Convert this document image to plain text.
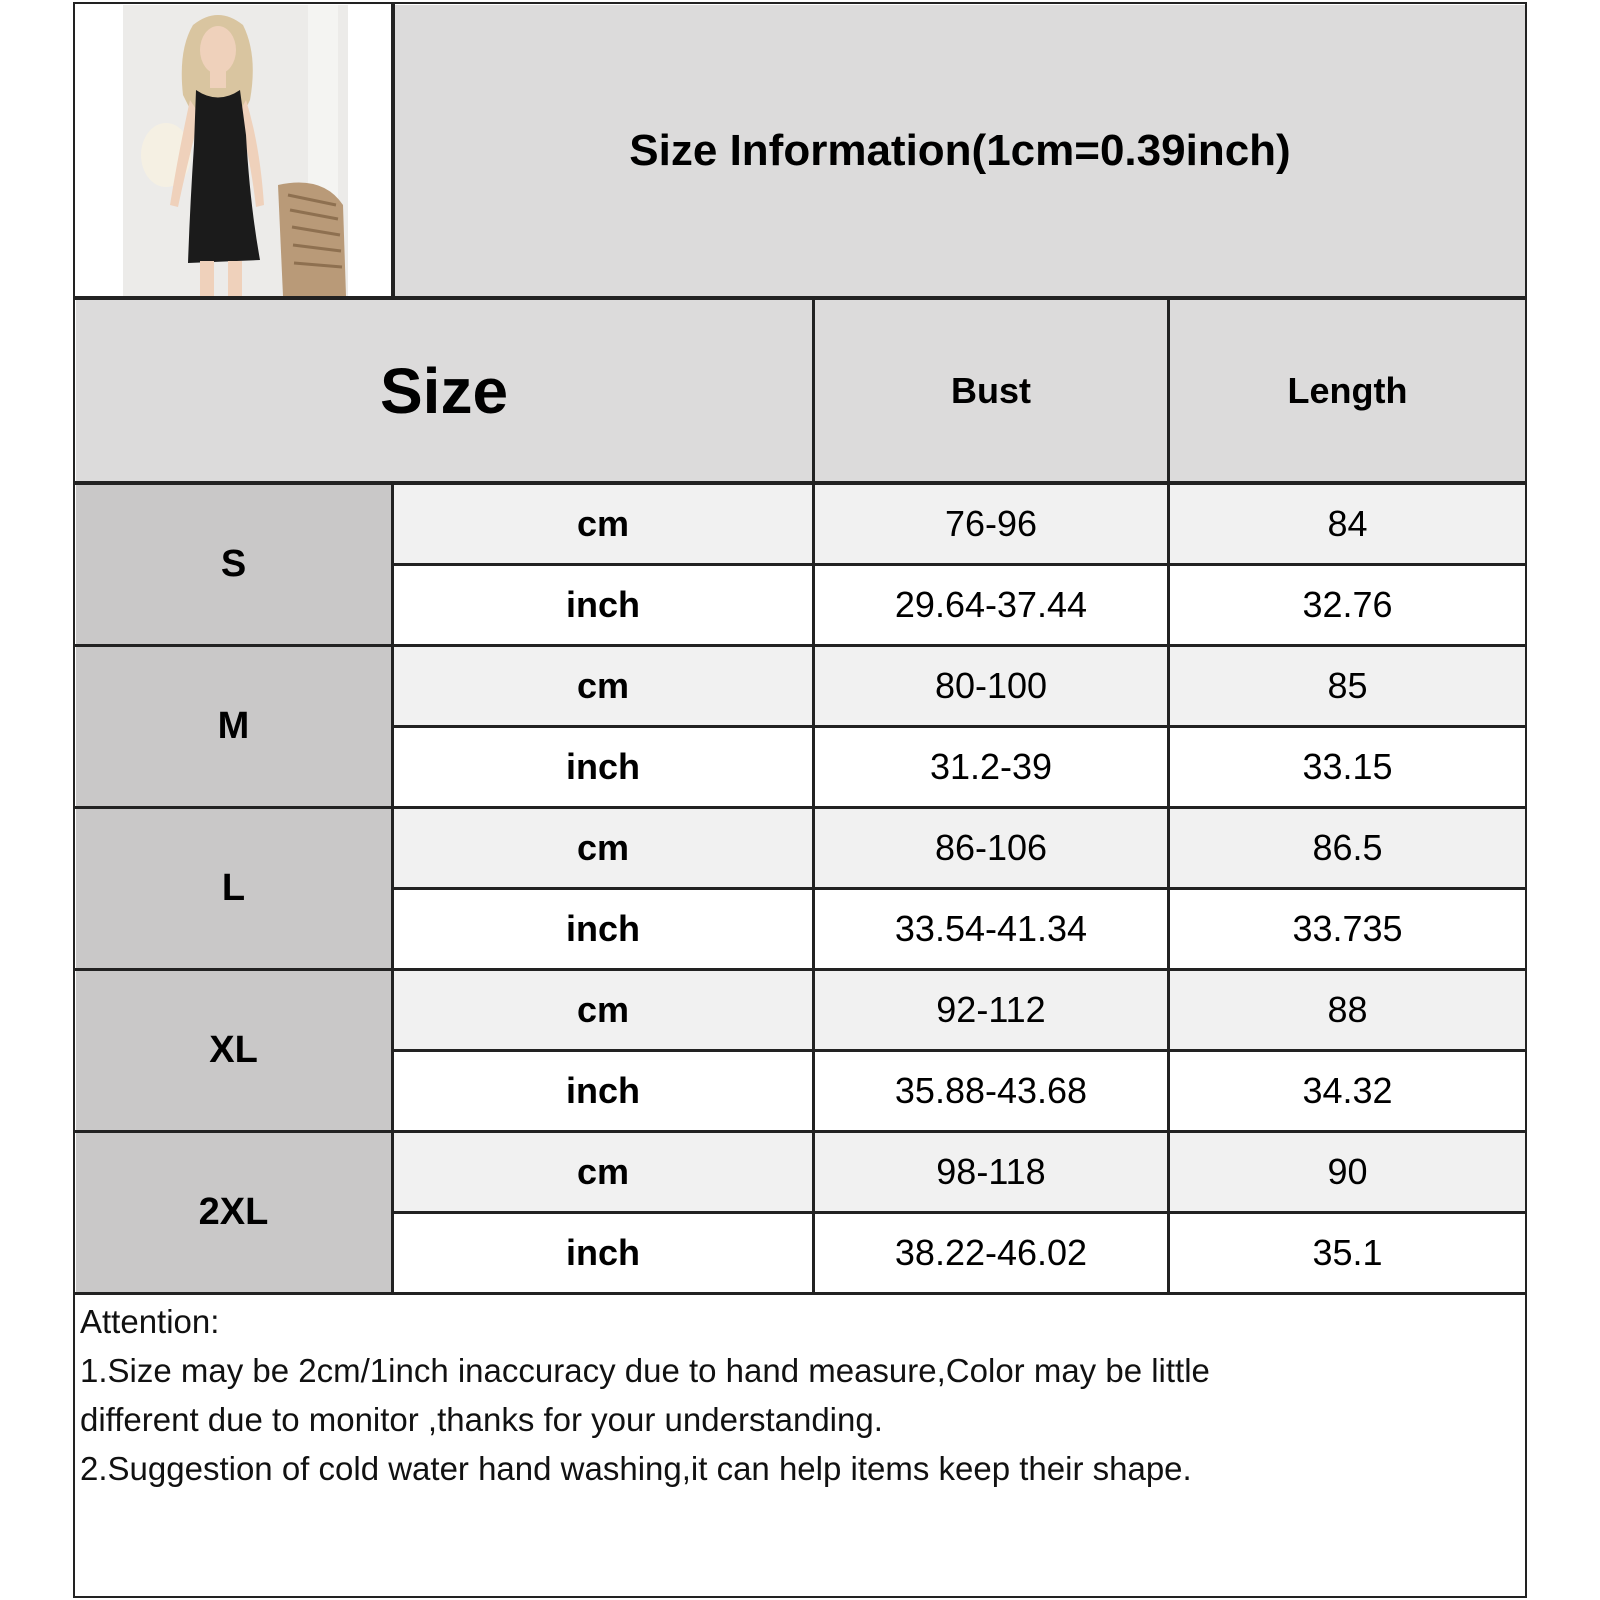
Size Information(1cm=0.39inch)
Size	Bust	Length
S
cm	76-96	84
inch	29.64-37.44	32.76
M
cm	80-100	85
inch	31.2-39	33.15
L
cm	86-106	86.5
inch	33.54-41.34	33.735
XL
cm	92-112	88
inch	35.88-43.68	34.32
2XL
cm	98-118	90
inch	38.22-46.02	35.1
Attention:
1.Size may be 2cm/1inch inaccuracy due to hand measure,Color may be little
different due to monitor ,thanks for your understanding.
2.Suggestion of cold water hand washing,it can help items keep their shape.
